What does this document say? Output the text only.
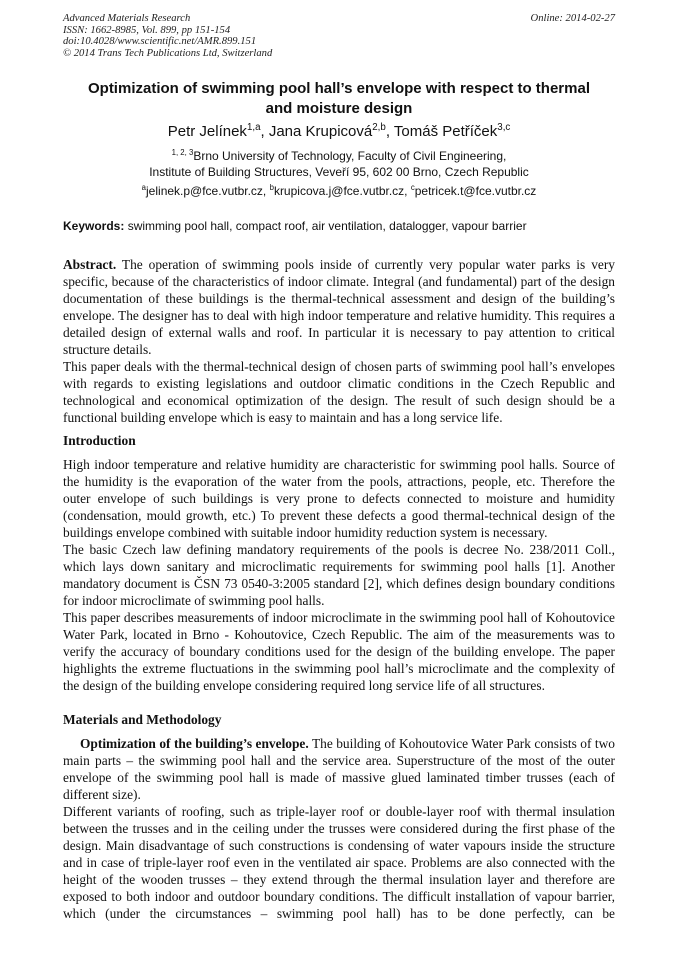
Advanced Materials Research
ISSN: 1662-8985, Vol. 899, pp 151-154
doi:10.4028/www.scientific.net/AMR.899.151
© 2014 Trans Tech Publications Ltd, Switzerland
Online: 2014-02-27
Optimization of swimming pool hall’s envelope with respect to thermal
and moisture design
Petr Jelínek$^{1,a}$, Jana Krupicová$^{2,b}$, Tomáš Petříček$^{3,c}$
$^{1, 2, 3}$Brno University of Technology, Faculty of Civil Engineering,
Institute of Building Structures, Veveří 95, 602 00 Brno, Czech Republic
$^a$jelinek.p@fce.vutbr.cz, $^b$krupicova.j@fce.vutbr.cz, $^c$petricek.t@fce.vutbr.cz
Keywords: swimming pool hall, compact roof, air ventilation, datalogger, vapour barrier

Abstract. The operation of swimming pools inside of currently very popular water parks is very specific, because of the characteristics of indoor climate. Integral (and fundamental) part of the design documentation of these buildings is the thermal-technical assessment and design of the building’s envelope. The designer has to deal with high indoor temperature and relative humidity. This requires a detailed design of external walls and roof. In particular it is necessary to pay attention to critical structure details.

This paper deals with the thermal-technical design of chosen parts of swimming pool hall’s envelopes with regards to existing legislations and outdoor climatic conditions in the Czech Republic and technological and economical optimization of the design. The result of such design should be a functional building envelope which is easy to maintain and has a long service life.

Introduction

High indoor temperature and relative humidity are characteristic for swimming pool halls. Source of the humidity is the evaporation of the water from the pools, attractions, people, etc. Therefore the outer envelope of such buildings is very prone to defects connected to moisture and humidity (condensation, mould growth, etc.) To prevent these defects a good thermal-technical design of the buildings envelope combined with suitable indoor humidity reduction system is necessary.

The basic Czech law defining mandatory requirements of the pools is decree No. 238/2011 Coll., which lays down sanitary and microclimatic requirements for swimming pool halls [1]. Another mandatory document is ČSN 73 0540-3:2005 standard [2], which defines design boundary conditions for indoor microclimate of swimming pool halls.

This paper describes measurements of indoor microclimate in the swimming pool hall of Kohoutovice Water Park, located in Brno - Kohoutovice, Czech Republic. The aim of the measurements was to verify the accuracy of boundary conditions used for the design of the building envelope. The paper highlights the extreme fluctuations in the swimming pool hall’s microclimate and the complexity of the design of the building envelope considering required long service life of all structures.

Materials and Methodology

Optimization of the building’s envelope. The building of Kohoutovice Water Park consists of two main parts – the swimming pool hall and the service area. Superstructure of the most of the outer envelope of the swimming pool hall is made of massive glued laminated timber trusses (each of different size).

Different variants of roofing, such as triple-layer roof or double-layer roof with thermal insulation between the trusses and in the ceiling under the trusses were considered during the first phase of the design. Main disadvantage of such constructions is condensing of water vapours inside the structure and in case of triple-layer roof even in the ventilated air space. Problems are also connected with the height of the wooden trusses – they extend through the thermal insulation layer and therefore are exposed to both indoor and outdoor boundary conditions. The difficult installation of vapour barrier, which (under the circumstances – swimming pool hall) has to be done perfectly, can be
